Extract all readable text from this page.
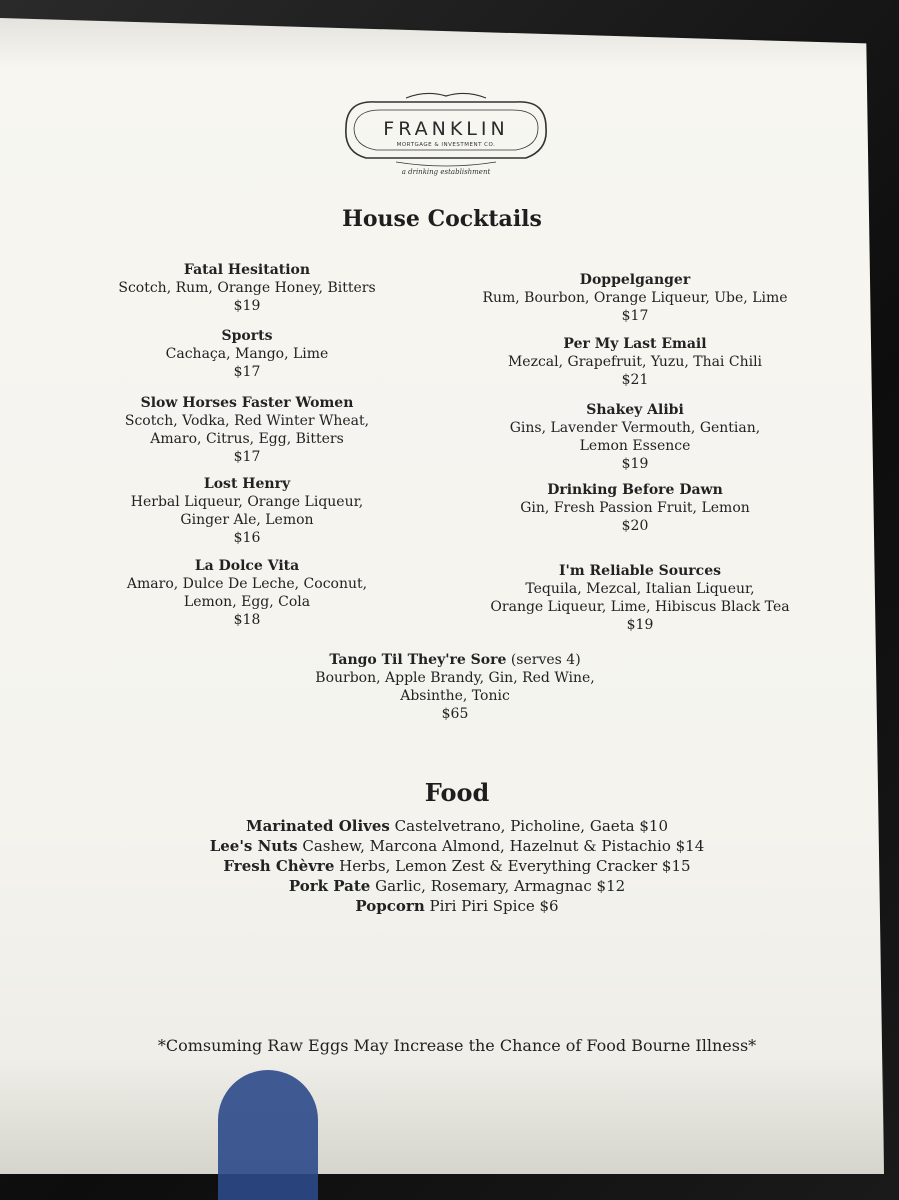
FRANKLIN
MORTGAGE & INVESTMENT CO.
a drinking establishment
House Cocktails
Fatal Hesitation
Scotch, Rum, Orange Honey, Bitters
$19
Sports
Cachaça, Mango, Lime
$17
Slow Horses Faster Women
Scotch, Vodka, Red Winter Wheat,
Amaro, Citrus, Egg, Bitters
$17
Lost Henry
Herbal Liqueur, Orange Liqueur,
Ginger Ale, Lemon
$16
La Dolce Vita
Amaro, Dulce De Leche, Coconut,
Lemon, Egg, Cola
$18
Doppelganger
Rum, Bourbon, Orange Liqueur, Ube, Lime
$17
Per My Last Email
Mezcal, Grapefruit, Yuzu, Thai Chili
$21
Shakey Alibi
Gins, Lavender Vermouth, Gentian,
Lemon Essence
$19
Drinking Before Dawn
Gin, Fresh Passion Fruit, Lemon
$20
I'm Reliable Sources
Tequila, Mezcal, Italian Liqueur,
Orange Liqueur, Lime, Hibiscus Black Tea
$19
Tango Til They're Sore (serves 4)
Bourbon, Apple Brandy, Gin, Red Wine,
Absinthe, Tonic
$65
Food
Marinated Olives Castelvetrano, Picholine, Gaeta $10
Lee's Nuts Cashew, Marcona Almond, Hazelnut & Pistachio $14
Fresh Chèvre Herbs, Lemon Zest & Everything Cracker $15
Pork Pate Garlic, Rosemary, Armagnac $12
Popcorn Piri Piri Spice $6
*Comsuming Raw Eggs May Increase the Chance of Food Bourne Illness*
